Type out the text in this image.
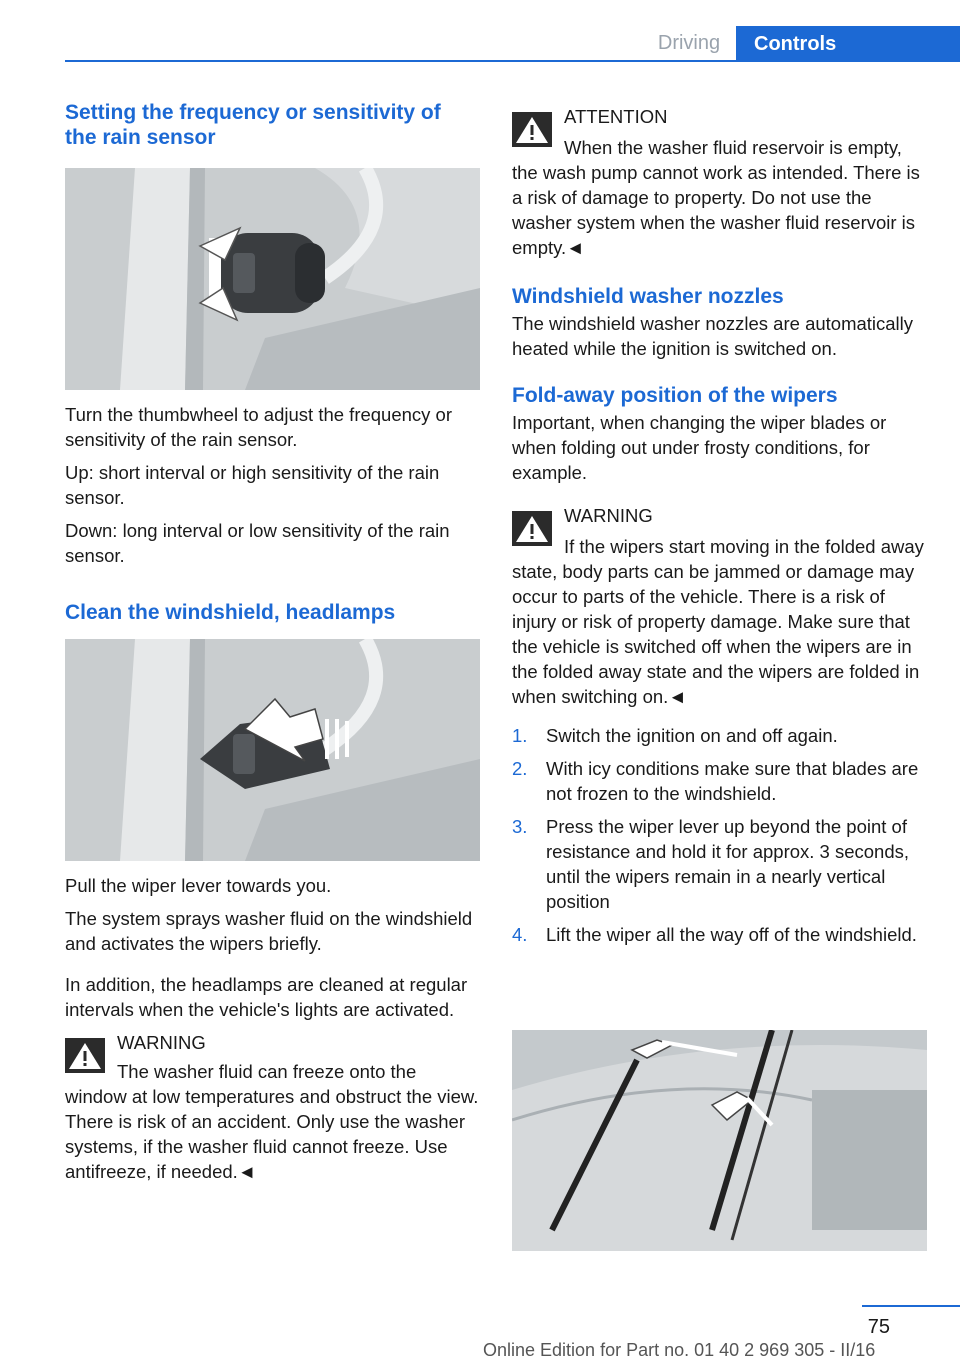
Driving	Controls
Setting the frequency or sensitivity of the rain sensor

Turn the thumbwheel to adjust the frequency or sensitivity of the rain sensor.

Up: short interval or high sensitivity of the rain sensor.

Down: long interval or low sensitivity of the rain sensor.

Clean the windshield, headlamps

Pull the wiper lever towards you.

The system sprays washer fluid on the windshield and activates the wipers briefly.

In addition, the headlamps are cleaned at regular intervals when the vehicle's lights are activated.

WARNING
The washer fluid can freeze onto the window at low temperatures and obstruct the view. There is risk of an accident. Only use the washer systems, if the washer fluid cannot freeze. Use antifreeze, if needed.◄
ATTENTION
When the washer fluid reservoir is empty, the wash pump cannot work as intended. There is a risk of damage to property. Do not use the washer system when the washer fluid reservoir is empty.◄
Windshield washer nozzles

The windshield washer nozzles are automatically heated while the ignition is switched on.

Fold-away position of the wipers

Important, when changing the wiper blades or when folding out under frosty conditions, for example.

WARNING
If the wipers start moving in the folded away state, body parts can be jammed or damage may occur to parts of the vehicle. There is a risk of injury or risk of property damage. Make sure that the vehicle is switched off when the wipers are in the folded away state and the wipers are folded in when switching on.◄
1. Switch the ignition on and off again.
2. With icy conditions make sure that blades are not frozen to the windshield.
3. Press the wiper lever up beyond the point of resistance and hold it for approx. 3 seconds, until the wipers remain in a nearly vertical position
4. Lift the wiper all the way off of the windshield.
75
Online Edition for Part no. 01 40 2 969 305 - II/16
